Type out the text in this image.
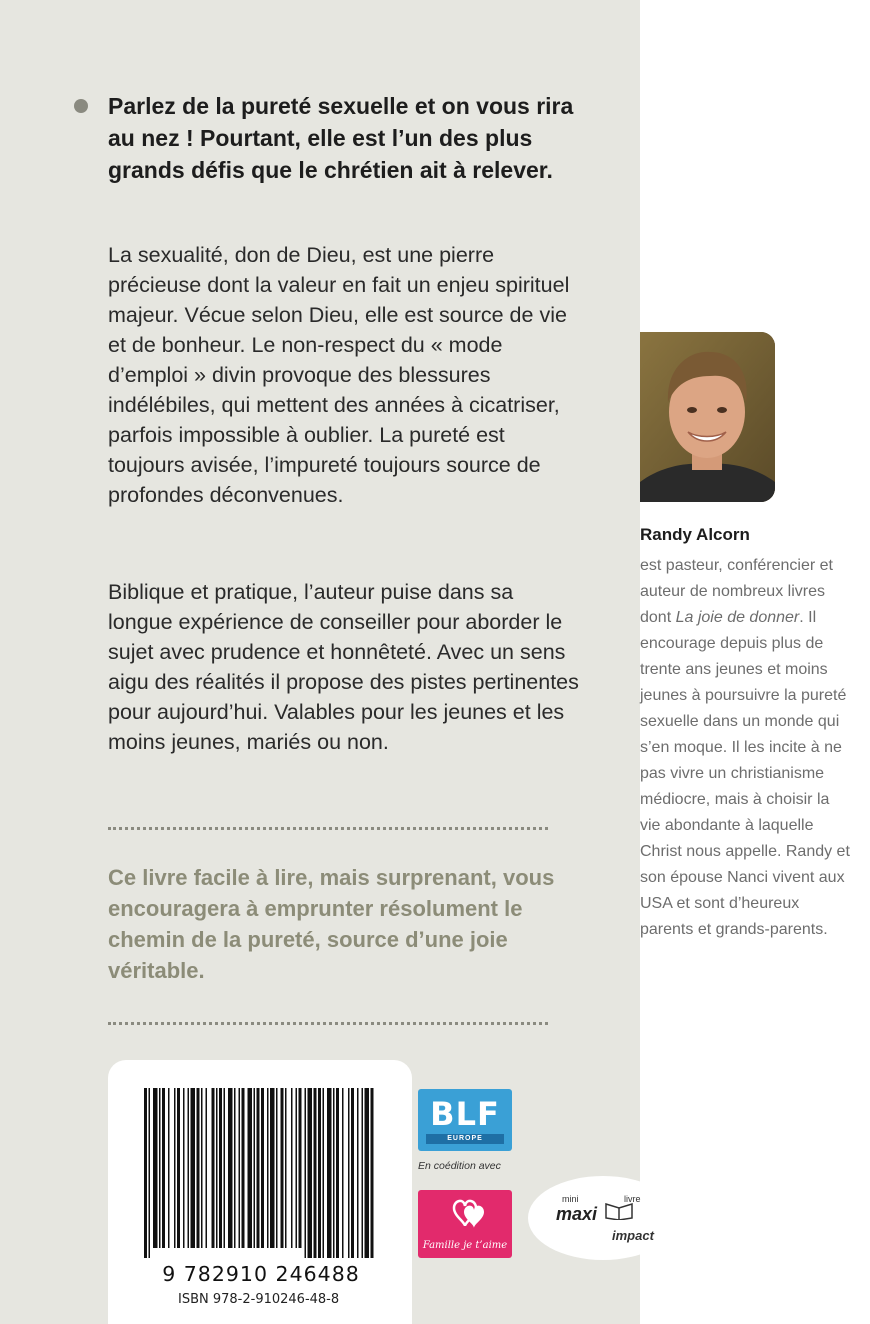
Parlez de la pureté sexuelle et on vous rira au nez ! Pourtant, elle est l’un des plus grands défis que le chrétien ait à relever.

La sexualité, don de Dieu, est une pierre précieuse dont la valeur en fait un enjeu spirituel majeur. Vécue selon Dieu, elle est source de vie et de bonheur. Le non-respect du « mode d’emploi » divin provoque des blessures indélébiles, qui mettent des années à cicatriser, parfois impossible à oublier. La pureté est toujours avisée, l’impureté toujours source de profondes déconvenues.

Biblique et pratique, l’auteur puise dans sa longue expérience de conseiller pour aborder le sujet avec prudence et honnêteté. Avec un sens aigu des réalités il propose des pistes pertinentes pour aujourd’hui. Valables pour les jeunes et les moins jeunes, mariés ou non.

Ce livre facile à lire, mais surprenant, vous encouragera à emprunter résolument le chemin de la pureté, source d’une joie véritable.

9 782910 246488
ISBN 978-2-910246-48-8
BLF
EUROPE
En coédition avec
Famille je t’aime
Randy Alcorn

est pasteur, conférencier et auteur de nombreux livres dont La joie de donner. Il encourage depuis plus de trente ans jeunes et moins jeunes à poursuivre la pureté sexuelle dans un monde qui s’en moque. Il les incite à ne pas vivre un christianisme médiocre, mais à choisir la vie abondante à laquelle Christ nous appelle. Randy et son épouse Nanci vivent aux USA et sont d’heureux parents et grands-parents.

mini
maxi
livre
impact
